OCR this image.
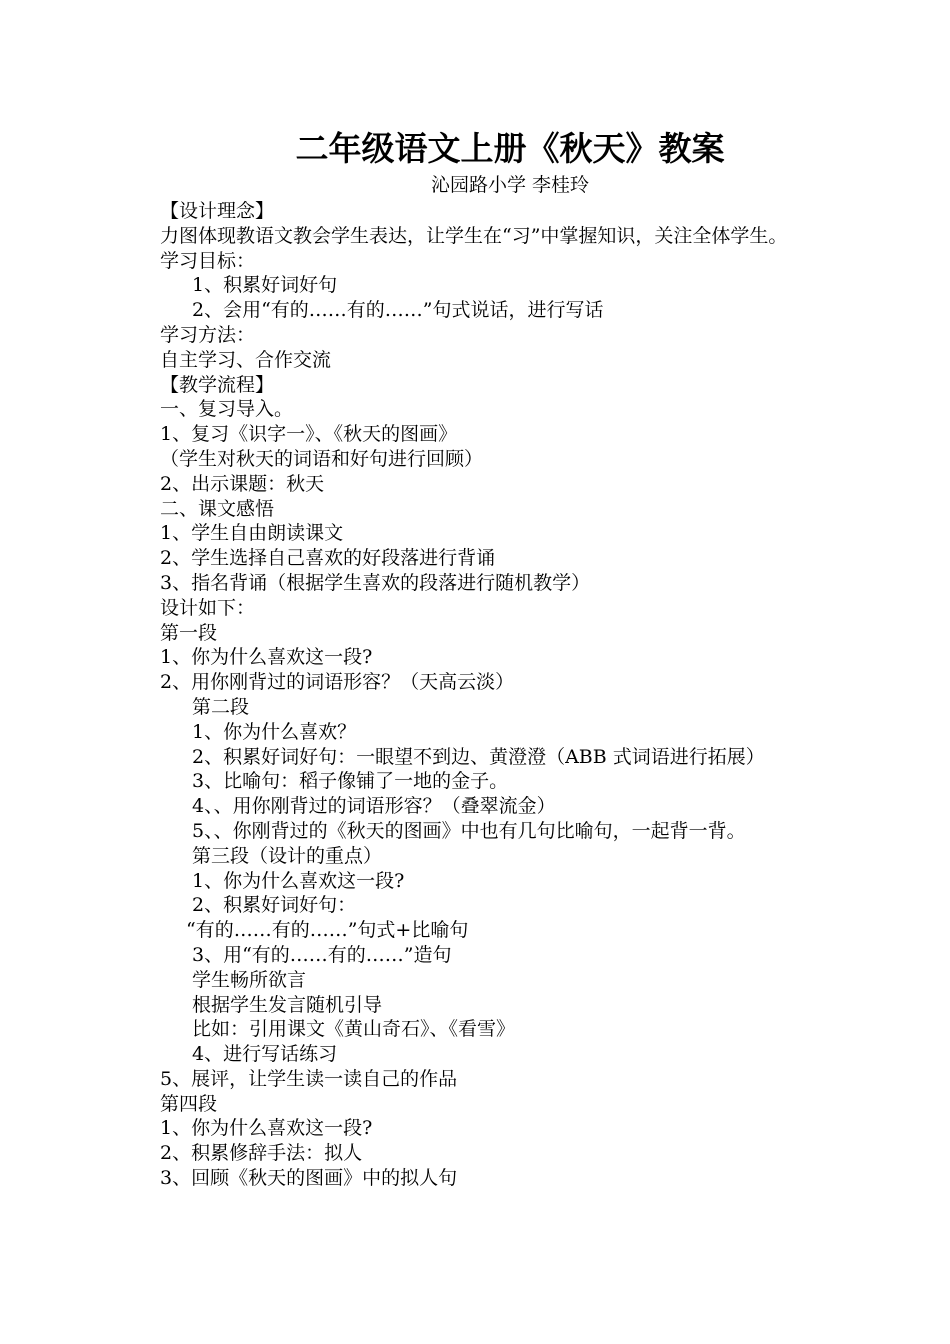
二年级语文上册《秋天》教案
沁园路小学 李桂玲
【设计理念】
力图体现教语文教会学生表达，让学生在“习”中掌握知识，关注全体学生。
学习目标：
1、积累好词好句
2、会用“有的……有的……”句式说话，进行写话
学习方法：
自主学习、合作交流
【教学流程】
一、复习导入。
1、复习《识字一》、《秋天的图画》
（学生对秋天的词语和好句进行回顾）
2、出示课题：秋天
二、课文感悟
1、学生自由朗读课文
2、学生选择自己喜欢的好段落进行背诵
3、指名背诵（根据学生喜欢的段落进行随机教学）
设计如下：
第一段
1、你为什么喜欢这一段?
2、用你刚背过的词语形容？（天高云淡）
第二段
1、你为什么喜欢？
2、积累好词好句：一眼望不到边、黄澄澄（ABB 式词语进行拓展）
3、比喻句：稻子像铺了一地的金子。
4、、用你刚背过的词语形容？（叠翠流金）
5、、你刚背过的《秋天的图画》中也有几句比喻句，一起背一背。
第三段（设计的重点）
1、你为什么喜欢这一段?
2、积累好词好句：
“有的……有的……”句式+比喻句
3、用“有的……有的……”造句
学生畅所欲言
根据学生发言随机引导
比如：引用课文《黄山奇石》、《看雪》
4、进行写话练习
5、展评，让学生读一读自己的作品
第四段
1、你为什么喜欢这一段?
2、积累修辞手法：拟人
3、回顾《秋天的图画》中的拟人句
